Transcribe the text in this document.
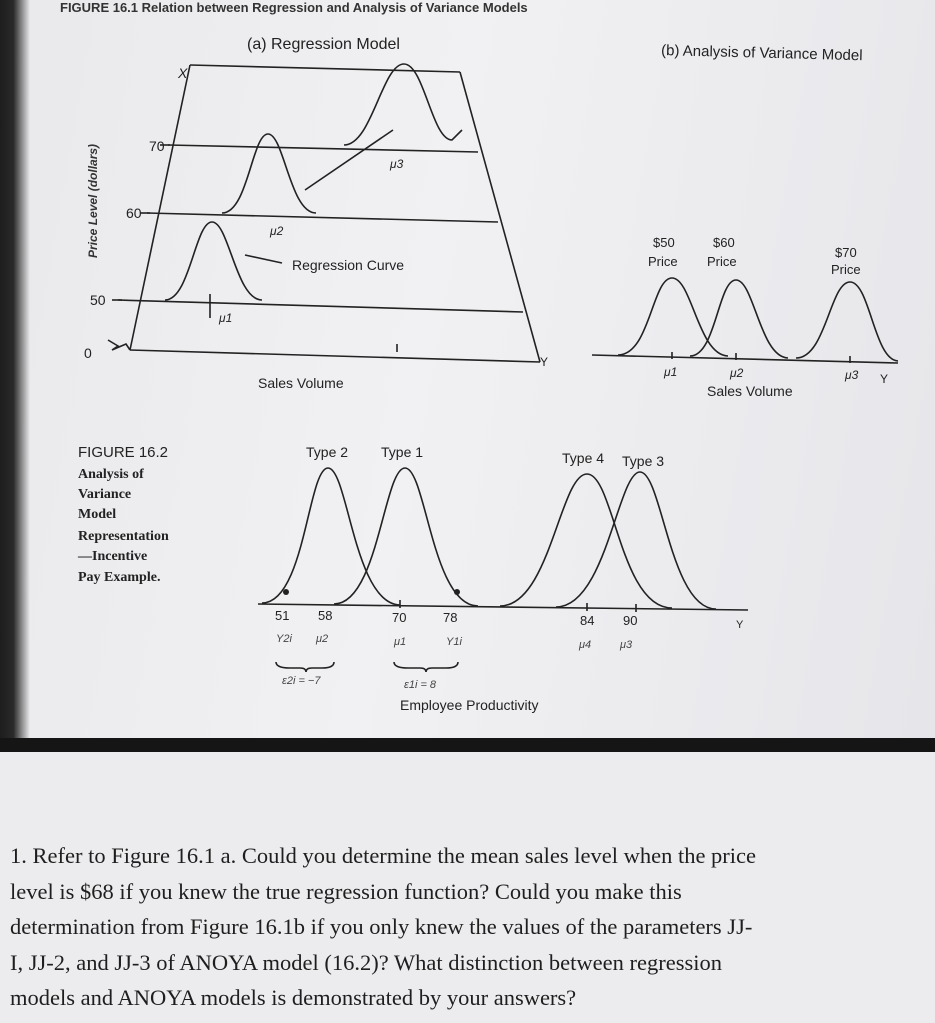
FIGURE 16.1 Relation between Regression and Analysis of Variance Models
(a) Regression Model
Regression Curve
μ1
μ2
μ3
X
Y
70
60
50
0
Sales Volume
Price Level (dollars)
(b) Analysis of Variance Model
$50
Price
$60
Price
$70
Price
μ1	μ2	μ3 Y
Sales Volume
FIGURE 16.2
Analysis of
Variance
Model
Representation
—Incentive
Pay Example.
Type 2 Type 1	Type 4 Type 3
51 58	70	78	84 90	Y
Y2i μ2	μ1	Y1i	μ4	μ3
ε2i = −7	ε1i = 8
Employee Productivity

1. Refer to Figure 16.1 a. Could you determine the mean sales level when the price
level is $68 if you knew the true regression function? Could you make this
determination from Figure 16.1b if you only knew the values of the parameters JJ-
I, JJ-2, and JJ-3 of ANOYA model (16.2)? What distinction between regression
models and ANOYA models is demonstrated by your answers?
